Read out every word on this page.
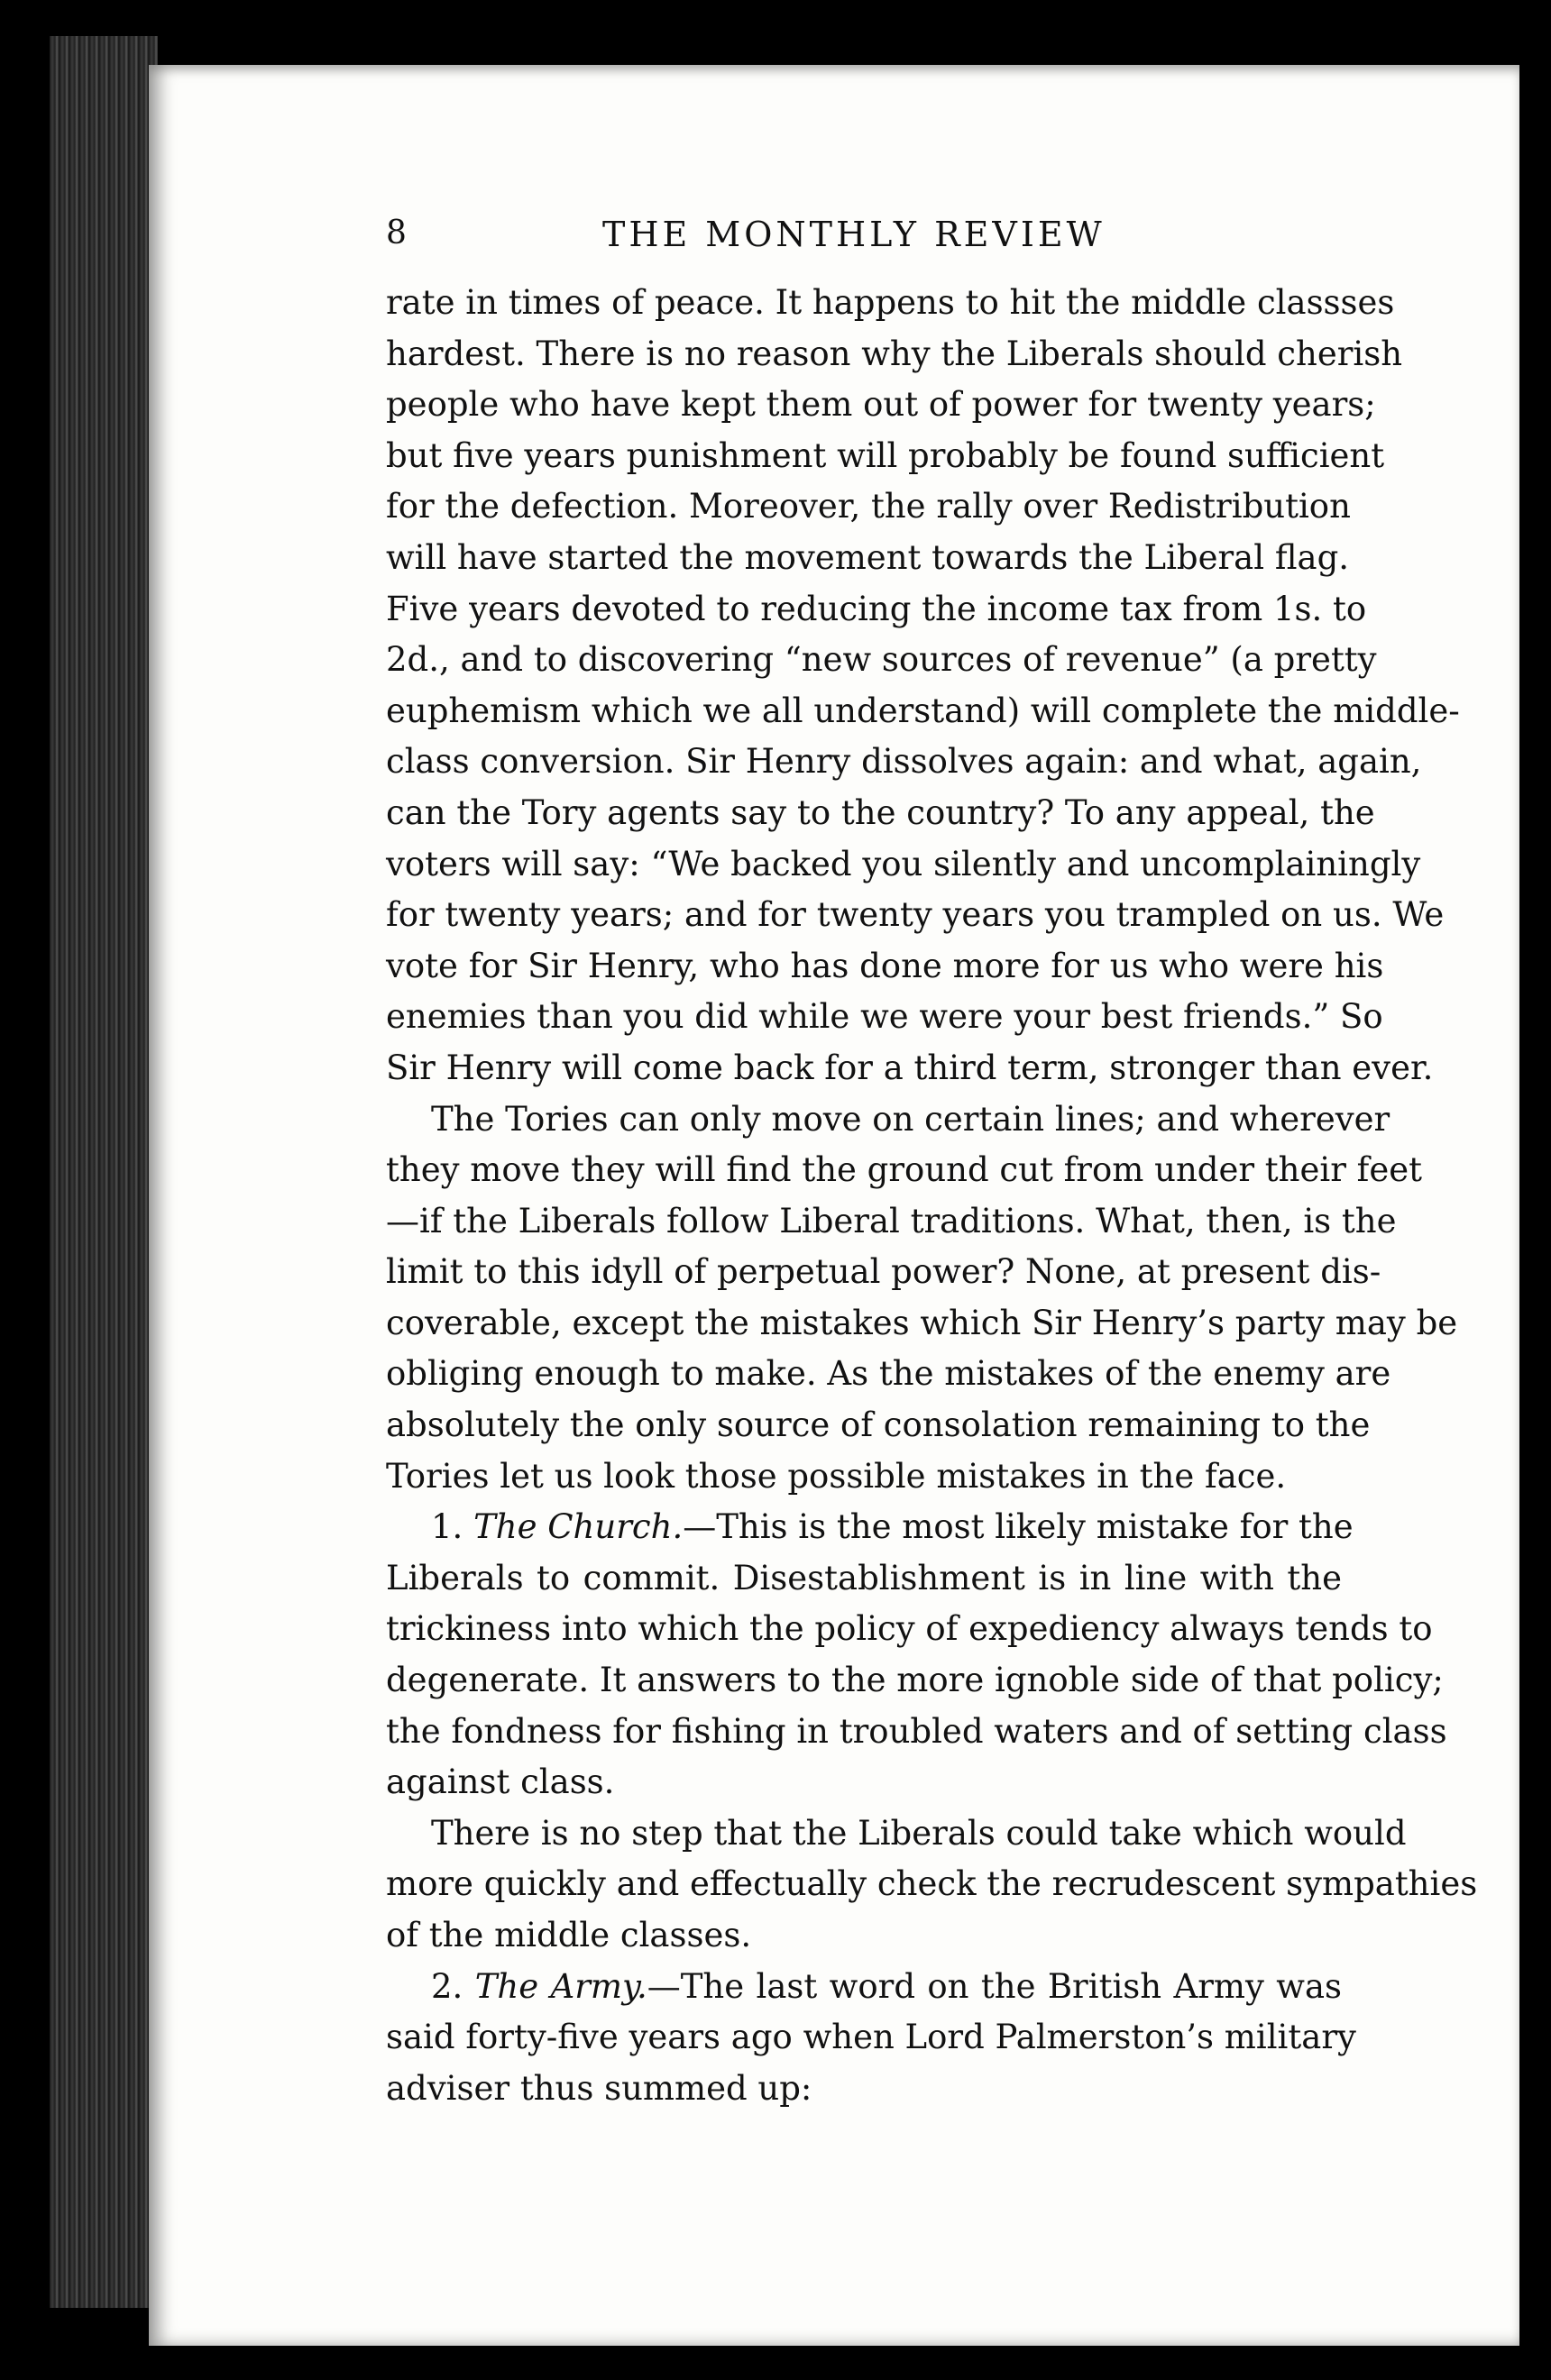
8	THE MONTHLY REVIEW
rate in times of peace. It happens to hit the middle classses
hardest. There is no reason why the Liberals should cherish
people who have kept them out of power for twenty years;
but five years punishment will probably be found sufficient
for the defection. Moreover, the rally over Redistribution
will have started the movement towards the Liberal flag.
Five years devoted to reducing the income tax from 1s. to
2d., and to discovering “new sources of revenue” (a pretty
euphemism which we all understand) will complete the middle-
class conversion. Sir Henry dissolves again: and what, again,
can the Tory agents say to the country? To any appeal, the
voters will say: “We backed you silently and uncomplainingly
for twenty years; and for twenty years you trampled on us. We
vote for Sir Henry, who has done more for us who were his
enemies than you did while we were your best friends.” So
Sir Henry will come back for a third term, stronger than ever.
The Tories can only move on certain lines; and wherever
they move they will find the ground cut from under their feet
—if the Liberals follow Liberal traditions. What, then, is the
limit to this idyll of perpetual power? None, at present dis-
coverable, except the mistakes which Sir Henry’s party may be
obliging enough to make. As the mistakes of the enemy are
absolutely the only source of consolation remaining to the
Tories let us look those possible mistakes in the face.
1. The Church.—This is the most likely mistake for the
Liberals to commit. Disestablishment is in line with the
trickiness into which the policy of expediency always tends to
degenerate. It answers to the more ignoble side of that policy;
the fondness for fishing in troubled waters and of setting class
against class.
There is no step that the Liberals could take which would
more quickly and effectually check the recrudescent sympathies
of the middle classes.
2. The Army.—The last word on the British Army was
said forty-five years ago when Lord Palmerston’s military
adviser thus summed up:
